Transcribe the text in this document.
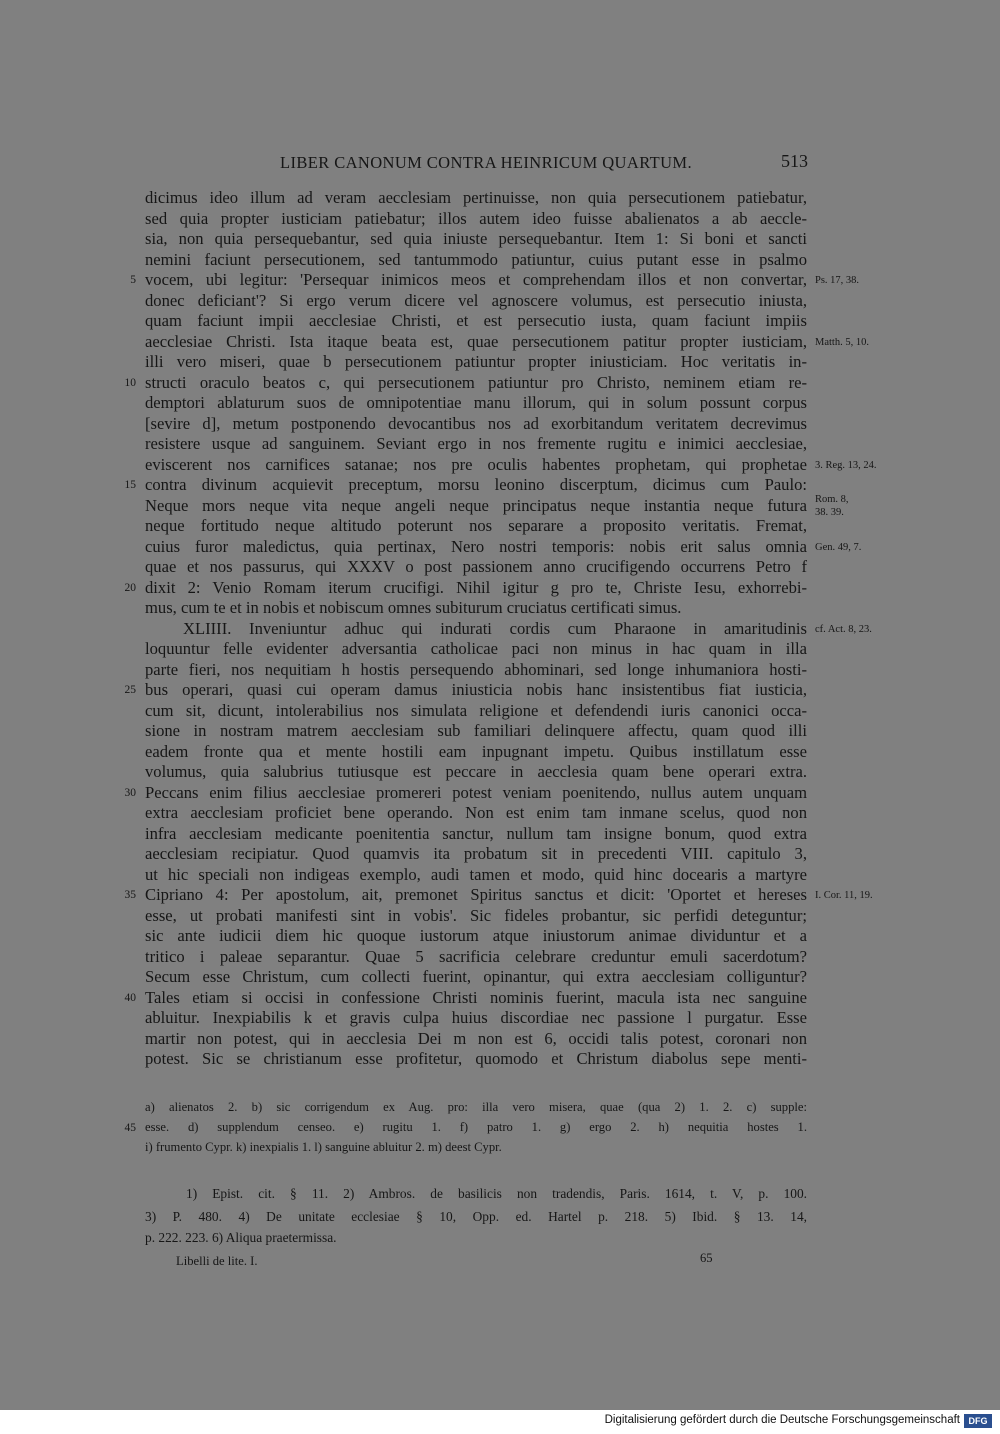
LIBER CANONUM CONTRA HEINRICUM QUARTUM.	513
dicimus ideo illum ad veram aecclesiam pertinuisse, non quia persecutionem patiebatur,
sed quia propter iusticiam patiebatur; illos autem ideo fuisse abalienatos a ab aeccle-
sia, non quia persequebantur, sed quia iniuste persequebantur. Item 1: Si boni et sancti
nemini faciunt persecutionem, sed tantummodo patiuntur, cuius putant esse in psalmo
vocem, ubi legitur: 'Persequar inimicos meos et comprehendam illos et non convertar,
donec deficiant'? Si ergo verum dicere vel agnoscere volumus, est persecutio iniusta,
quam faciunt impii aecclesiae Christi, et est persecutio iusta, quam faciunt impiis
aecclesiae Christi. Ista itaque beata est, quae persecutionem patitur propter iusticiam,
illi vero miseri, quae b persecutionem patiuntur propter iniusticiam. Hoc veritatis in-
structi oraculo beatos c, qui persecutionem patiuntur pro Christo, neminem etiam re-
demptori ablaturum suos de omnipotentiae manu illorum, qui in solum possunt corpus
[sevire d], metum postponendo devocantibus nos ad exorbitandum veritatem decrevimus
resistere usque ad sanguinem. Seviant ergo in nos fremente rugitu e inimici aecclesiae,
eviscerent nos carnifices satanae; nos pre oculis habentes prophetam, qui prophetae
contra divinum acquievit preceptum, morsu leonino discerptum, dicimus cum Paulo:
Neque mors neque vita neque angeli neque principatus neque instantia neque futura
neque fortitudo neque altitudo poterunt nos separare a proposito veritatis. Fremat,
cuius furor maledictus, quia pertinax, Nero nostri temporis: nobis erit salus omnia
quae et nos passurus, qui XXXV o post passionem anno crucifigendo occurrens Petro f
dixit 2: Venio Romam iterum crucifigi. Nihil igitur g pro te, Christe Iesu, exhorrebi-
mus, cum te et in nobis et nobiscum omnes subiturum cruciatus certificati simus.
XLIIII. Inveniuntur adhuc qui indurati cordis cum Pharaone in amaritudinis
loquuntur felle evidenter adversantia catholicae paci non minus in hac quam in illa
parte fieri, nos nequitiam h hostis persequendo abhominari, sed longe inhumaniora hosti-
bus operari, quasi cui operam damus iniusticia nobis hanc insistentibus fiat iusticia,
cum sit, dicunt, intolerabilius nos simulata religione et defendendi iuris canonici occa-
sione in nostram matrem aecclesiam sub familiari delinquere affectu, quam quod illi
eadem fronte qua et mente hostili eam inpugnant impetu. Quibus instillatum esse
volumus, quia salubrius tutiusque est peccare in aecclesia quam bene operari extra.
Peccans enim filius aecclesiae promereri potest veniam poenitendo, nullus autem unquam
extra aecclesiam proficiet bene operando. Non est enim tam inmane scelus, quod non
infra aecclesiam medicante poenitentia sanctur, nullum tam insigne bonum, quod extra
aecclesiam recipiatur. Quod quamvis ita probatum sit in precedenti VIII. capitulo 3,
ut hic speciali non indigeas exemplo, audi tamen et modo, quid hinc docearis a martyre
Cipriano 4: Per apostolum, ait, premonet Spiritus sanctus et dicit: 'Oportet et hereses
esse, ut probati manifesti sint in vobis'. Sic fideles probantur, sic perfidi deteguntur;
sic ante iudicii diem hic quoque iustorum atque iniustorum animae dividuntur et a
tritico i paleae separantur. Quae 5 sacrificia celebrare creduntur emuli sacerdotum?
Secum esse Christum, cum collecti fuerint, opinantur, qui extra aecclesiam colliguntur?
Tales etiam si occisi in confessione Christi nominis fuerint, macula ista nec sanguine
abluitur. Inexpiabilis k et gravis culpa huius discordiae nec passione l purgatur. Esse
martir non potest, qui in aecclesia Dei m non est 6, occidi talis potest, coronari non
potest. Sic se christianum esse profitetur, quomodo et Christum diabolus sepe menti-
5
10
15
20
25
30
35
40
Ps. 17, 38.
Matth. 5, 10.
3. Reg. 13, 24.
Rom. 8,
38. 39.
Gen. 49, 7.
cf. Act. 8, 23.
I. Cor. 11, 19.
a) alienatos 2. b) sic corrigendum ex Aug. pro: illa vero misera, quae (qua 2) 1. 2. c) supple:
esse. d) supplendum censeo. e) rugitu 1. f) patro 1. g) ergo 2. h) nequitia hostes 1.
i) frumento Cypr. k) inexpialis 1. l) sanguine abluitur 2. m) deest Cypr.
45
1) Epist. cit. § 11. 2) Ambros. de basilicis non tradendis, Paris. 1614, t. V, p. 100.
3) P. 480. 4) De unitate ecclesiae § 10, Opp. ed. Hartel p. 218. 5) Ibid. § 13. 14,
p. 222. 223. 6) Aliqua praetermissa.
Libelli de lite. I.	65
Digitalisierung gefördert durch die Deutsche Forschungsgemeinschaft DFG
